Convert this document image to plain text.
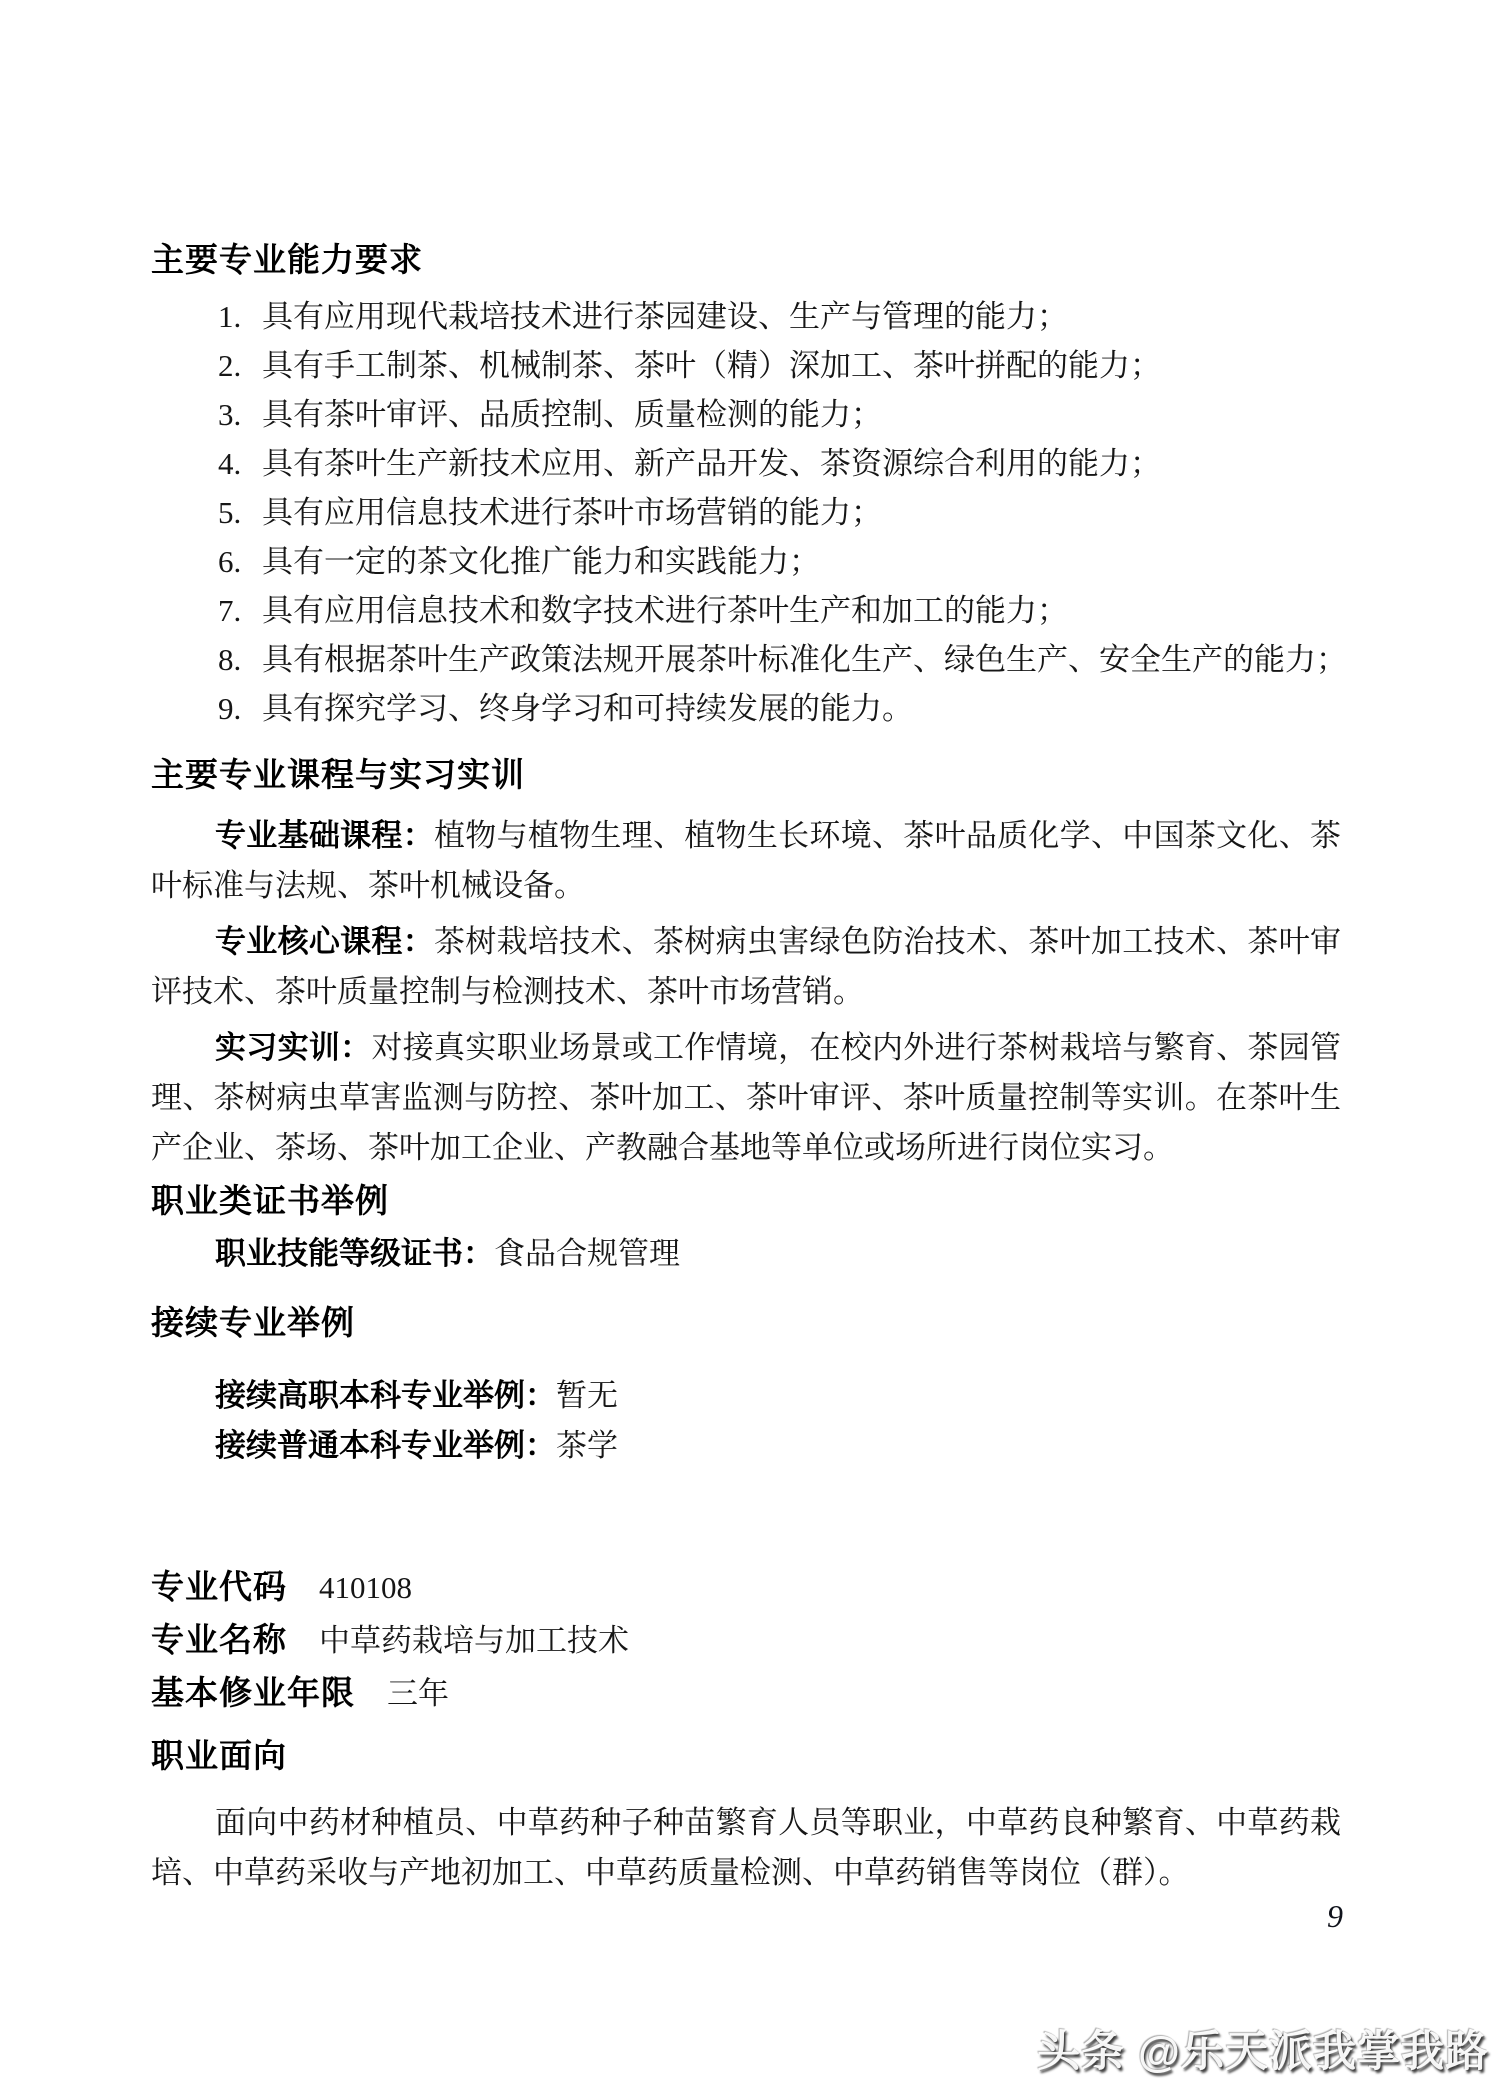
主要专业能力要求
1. 具有应用现代栽培技术进行茶园建设、生产与管理的能力；
2. 具有手工制茶、机械制茶、茶叶（精）深加工、茶叶拼配的能力；
3. 具有茶叶审评、品质控制、质量检测的能力；
4. 具有茶叶生产新技术应用、新产品开发、茶资源综合利用的能力；
5. 具有应用信息技术进行茶叶市场营销的能力；
6. 具有一定的茶文化推广能力和实践能力；
7. 具有应用信息技术和数字技术进行茶叶生产和加工的能力；
8. 具有根据茶叶生产政策法规开展茶叶标准化生产、绿色生产、安全生产的能力；
9. 具有探究学习、终身学习和可持续发展的能力。
主要专业课程与实习实训
专业基础课程：植物与植物生理、植物生长环境、茶叶品质化学、中国茶文化、茶叶标准与法规、茶叶机械设备。
专业核心课程：茶树栽培技术、茶树病虫害绿色防治技术、茶叶加工技术、茶叶审评技术、茶叶质量控制与检测技术、茶叶市场营销。
实习实训：对接真实职业场景或工作情境，在校内外进行茶树栽培与繁育、茶园管理、茶树病虫草害监测与防控、茶叶加工、茶叶审评、茶叶质量控制等实训。在茶叶生产企业、茶场、茶叶加工企业、产教融合基地等单位或场所进行岗位实习。
职业类证书举例
职业技能等级证书：食品合规管理
接续专业举例
接续高职本科专业举例：暂无
接续普通本科专业举例：茶学
专业代码 410108
专业名称 中草药栽培与加工技术
基本修业年限 三年
职业面向
面向中药材种植员、中草药种子种苗繁育人员等职业，中草药良种繁育、中草药栽培、中草药采收与产地初加工、中草药质量检测、中草药销售等岗位（群）。
9
头条 @乐天派我掌我路
